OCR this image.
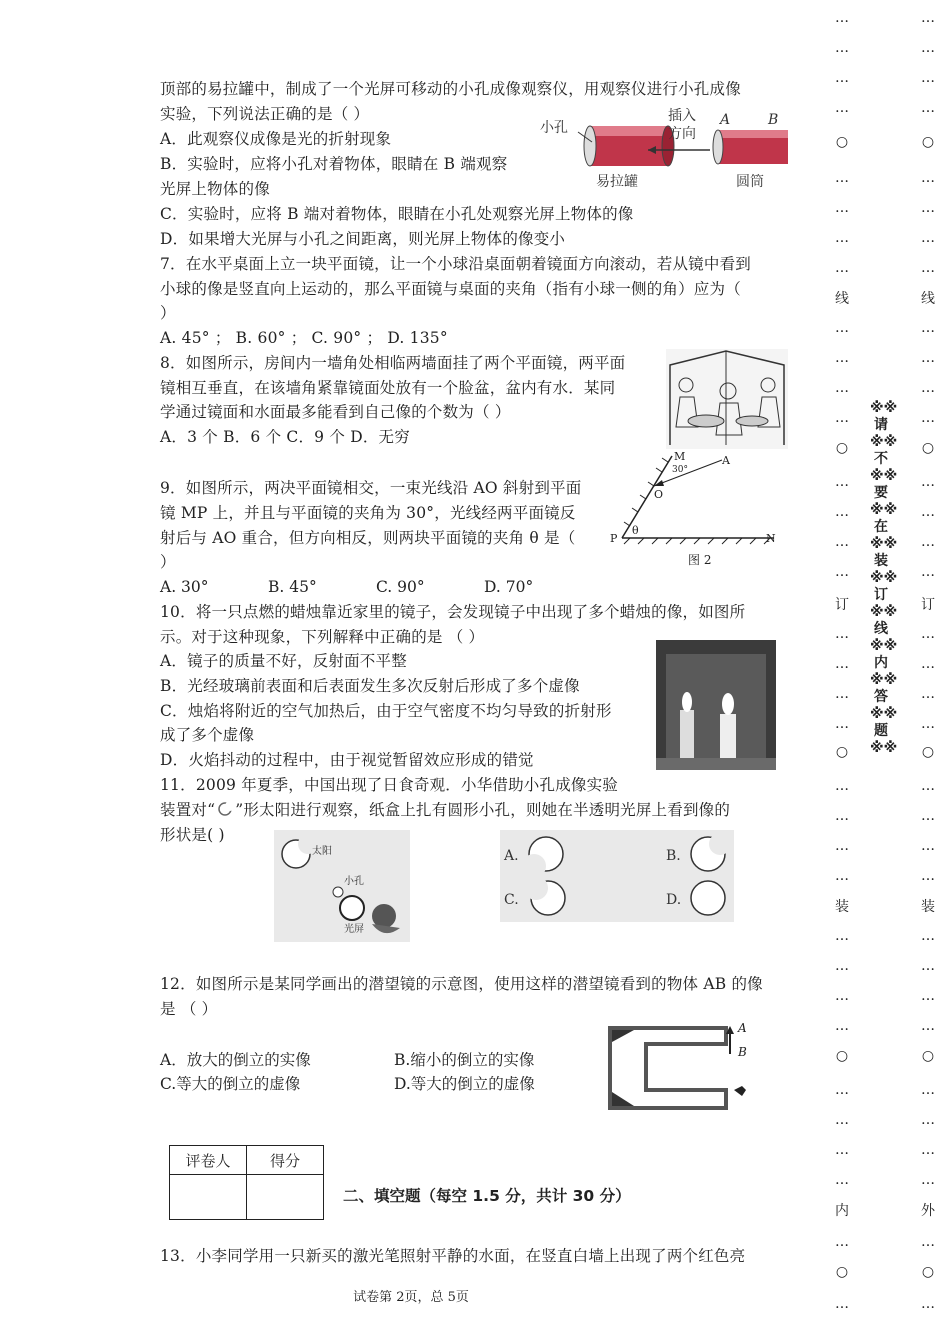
顶部的易拉罐中，制成了一个光屏可移动的小孔成像观察仪，用观察仪进行小孔成像
实验，下列说法正确的是（ ）
A．此观察仪成像是光的折射现象
B．实验时，应将小孔对着物体，眼睛在 B 端观察
光屏上物体的像
C．实验时，应将 B 端对着物体，眼睛在小孔处观察光屏上物体的像
D．如果增大光屏与小孔之间距离，则光屏上物体的像变小
小孔
插入
方向
A	B
易拉罐	圆筒
7．在水平桌面上立一块平面镜，让一个小球沿桌面朝着镜面方向滚动，若从镜中看到
小球的像是竖直向上运动的，那么平面镜与桌面的夹角（指有小球一侧的角）应为（
）
A. 45° ； B. 60° ； C. 90° ； D. 135°
8．如图所示，房间内一墙角处相临两墙面挂了两个平面镜，两平面
镜相互垂直，在该墙角紧靠镜面处放有一个脸盆，盆内有水．某同
学通过镜面和水面最多能看到自己像的个数为（ ）
A．3 个 B．6 个 C．9 个 D．无穷
9．如图所示，两决平面镜相交，一束光线沿 AO 斜射到平面
镜 MP 上，并且与平面镜的夹角为 30°，光线经两平面镜反
射后与 AO 重合，但方向相反，则两块平面镜的夹角 θ 是（
）
A. 30°	B. 45°	C. 90°	D. 70°
M	A
30°
O
θ
P	N
图 2
10．将一只点燃的蜡烛靠近家里的镜子，会发现镜子中出现了多个蜡烛的像，如图所
示。对于这种现象，下列解释中正确的是 （ ）
A．镜子的质量不好，反射面不平整
B．光经玻璃前表面和后表面发生多次反射后形成了多个虚像
C．烛焰将附近的空气加热后，由于空气密度不均匀导致的折射形
成了多个虚像
D．火焰抖动的过程中，由于视觉暂留效应形成的错觉
11．2009 年夏季，中国出现了日食奇观．小华借助小孔成像实验
装置对“ ”形太阳进行观察，纸盒上扎有圆形小孔，则她在半透明光屏上看到像的
形状是( )
太阳
小孔
光屏
A.	B.
C.	D.
12．如图所示是某同学画出的潜望镜的示意图，使用这样的潜望镜看到的物体 AB 的像
是 （ ）
A．放大的倒立的实像	B.缩小的倒立的实像
C.等大的倒立的虚像	D.等大的倒立的虚像
A
B
评卷人	得分

二、填空题（每空 1.5 分，共计 30 分）
13．小李同学用一只新买的激光笔照射平静的水面，在竖直白墙上出现了两个红色亮
试卷第 2页，总 5页
…
…
…
…
○
…
…
…
…
线
…
…
…
…
○
…
…
…
…
订
…
…
…
…
○
…
…
…
…
装
…
…
…
…
○
…
…
…
…
内
…
○
…
※※请※※不※※要※※在※※装※※订※※线※※内※※答※※题※※
…
…
…
…
○
…
…
…
…
线
…
…
…
…
○
…
…
…
…
订
…
…
…
…
○
…
…
…
…
装
…
…
…
…
○
…
…
…
…
外
…
○
…
